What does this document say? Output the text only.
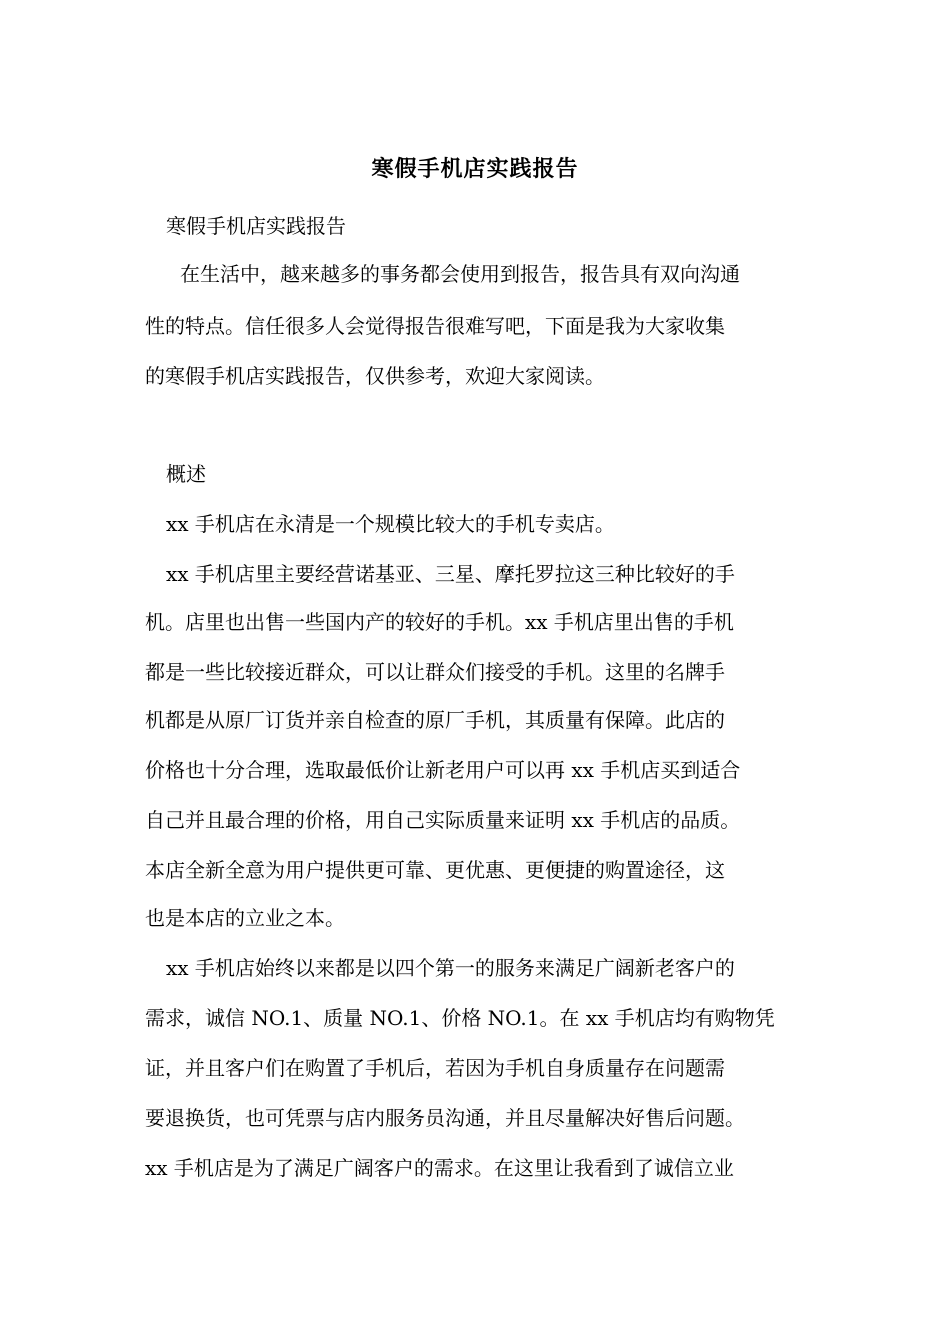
寒假手机店实践报告
寒假手机店实践报告
在生活中，越来越多的事务都会使用到报告，报告具有双向沟通
性的特点。信任很多人会觉得报告很难写吧，下面是我为大家收集
的寒假手机店实践报告，仅供参考，欢迎大家阅读。
概述
xx 手机店在永清是一个规模比较大的手机专卖店。
xx 手机店里主要经营诺基亚、三星、摩托罗拉这三种比较好的手
机。店里也出售一些国内产的较好的手机。xx 手机店里出售的手机
都是一些比较接近群众，可以让群众们接受的手机。这里的名牌手
机都是从原厂订货并亲自检查的原厂手机，其质量有保障。此店的
价格也十分合理，选取最低价让新老用户可以再 xx 手机店买到适合
自己并且最合理的价格，用自己实际质量来证明 xx 手机店的品质。
本店全新全意为用户提供更可靠、更优惠、更便捷的购置途径，这
也是本店的立业之本。
xx 手机店始终以来都是以四个第一的服务来满足广阔新老客户的
需求，诚信 NO.1、质量 NO.1、价格 NO.1。在 xx 手机店均有购物凭
证，并且客户们在购置了手机后，若因为手机自身质量存在问题需
要退换货，也可凭票与店内服务员沟通，并且尽量解决好售后问题。
xx 手机店是为了满足广阔客户的需求。在这里让我看到了诚信立业
